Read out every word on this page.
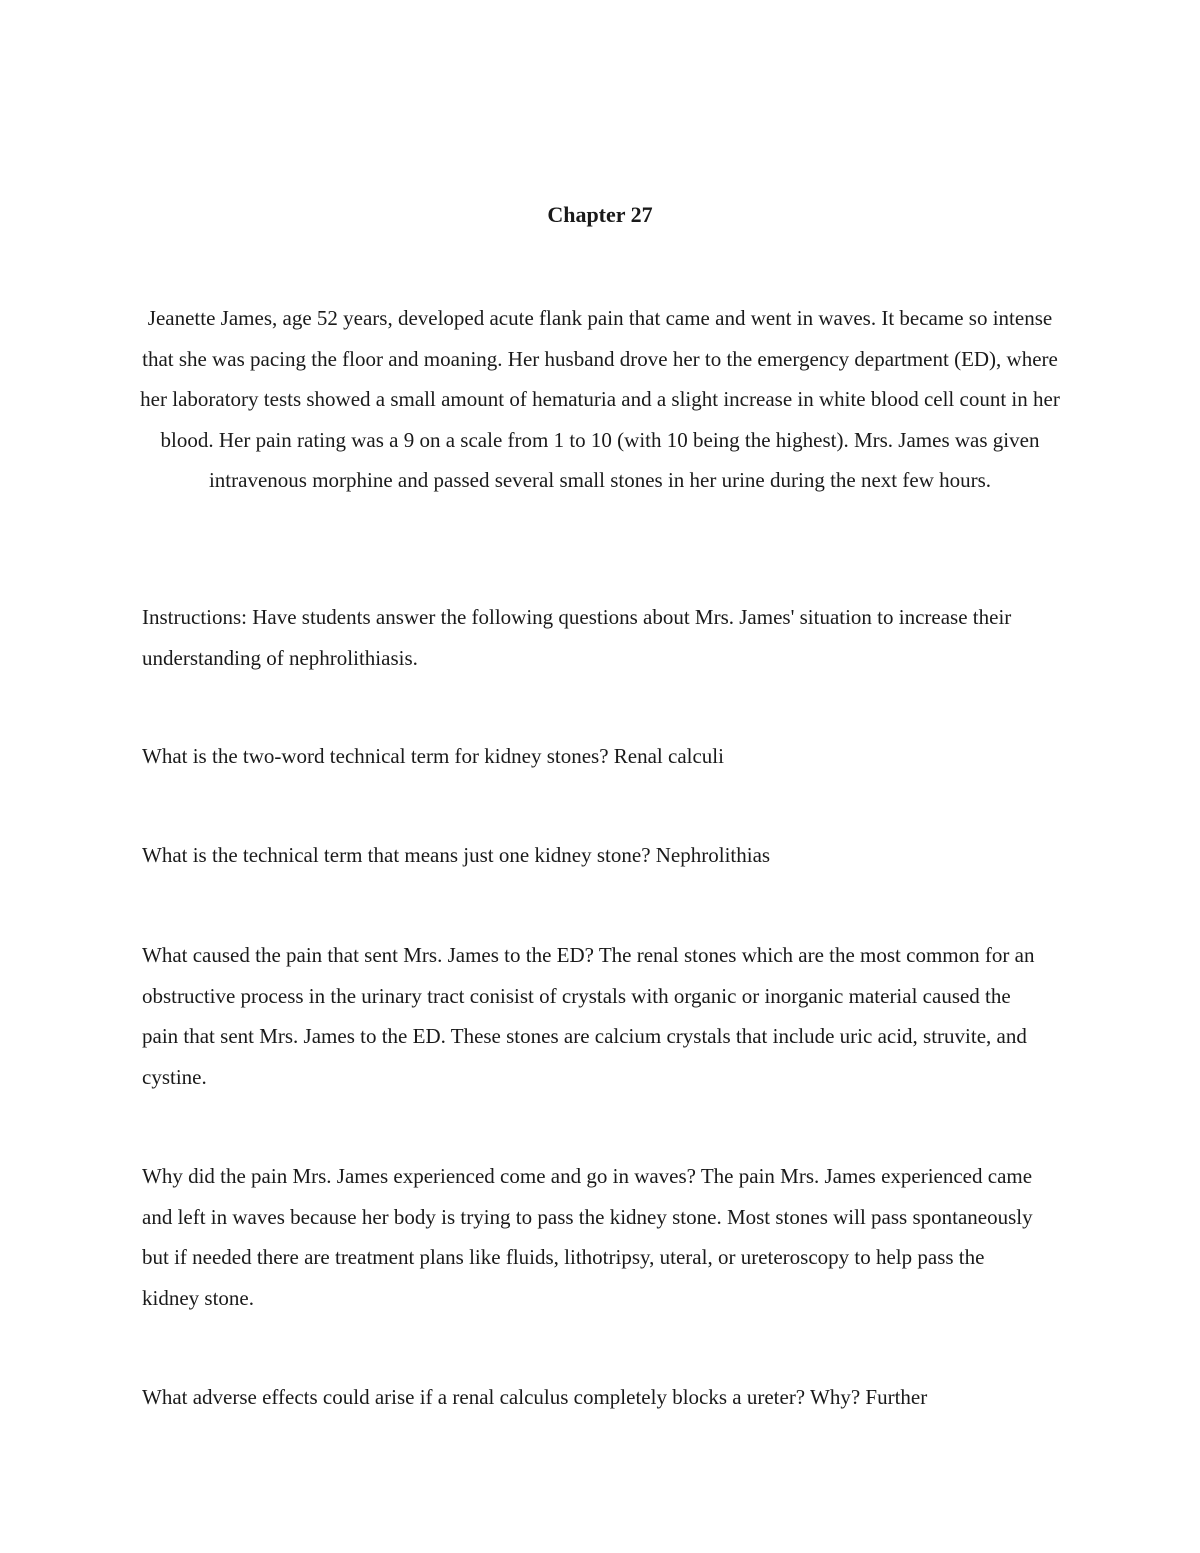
Chapter 27
Jeanette James, age 52 years, developed acute flank pain that came and went in waves. It became so intense that she was pacing the floor and moaning. Her husband drove her to the emergency department (ED), where her laboratory tests showed a small amount of hematuria and a slight increase in white blood cell count in her blood. Her pain rating was a 9 on a scale from 1 to 10 (with 10 being the highest). Mrs. James was given intravenous morphine and passed several small stones in her urine during the next few hours.
Instructions: Have students answer the following questions about Mrs. James' situation to increase their understanding of nephrolithiasis.
What is the two-word technical term for kidney stones? Renal calculi
What is the technical term that means just one kidney stone? Nephrolithias
What caused the pain that sent Mrs. James to the ED? The renal stones which are the most common for an obstructive process in the urinary tract conisist of crystals with organic or inorganic material caused the pain that sent Mrs. James to the ED. These stones are calcium crystals that include uric acid, struvite, and cystine.
Why did the pain Mrs. James experienced come and go in waves? The pain Mrs. James experienced came and left in waves because her body is trying to pass the kidney stone. Most stones will pass spontaneously but if needed there are treatment plans like fluids, lithotripsy, uteral, or ureteroscopy to help pass the kidney stone.
What adverse effects could arise if a renal calculus completely blocks a ureter? Why? Further
